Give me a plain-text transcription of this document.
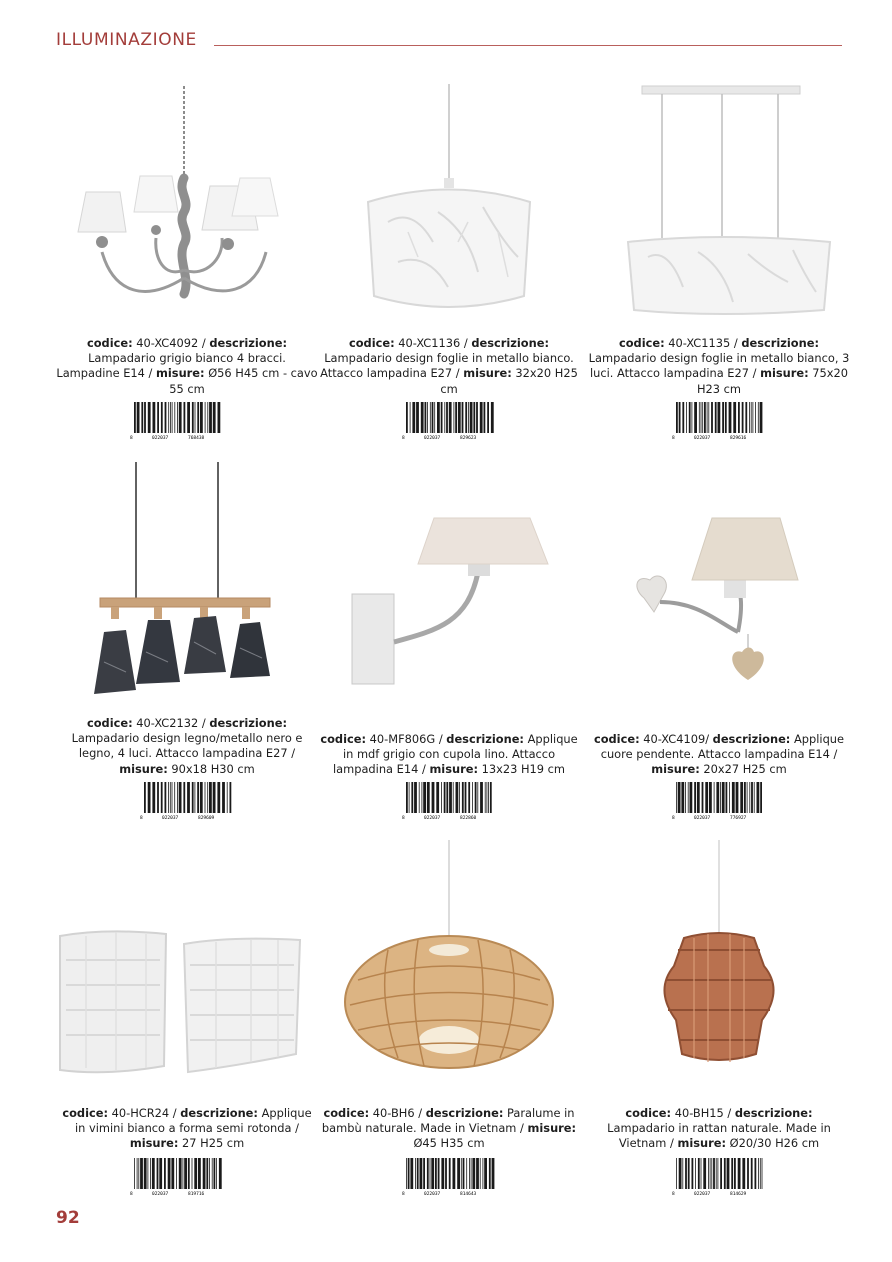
ILLUMINAZIONE
codice: 40-XC4092 / descrizione:
Lampadario grigio bianco 4 bracci. Lampadine E14 / misure: Ø56 H45 cm - cavo 55 cm
8	022037	768438
codice: 40-XC1136 / descrizione:
Lampadario design foglie in metallo bianco. Attacco lampadina E27 / misure: 32x20 H25 cm
8	022037	829623
codice: 40-XC1135 / descrizione:
Lampadario design foglie in metallo bianco, 3 luci. Attacco lampadina E27 / misure: 75x20 H23 cm
8	022037	829616
codice: 40-XC2132 / descrizione:
Lampadario design legno/metallo nero e legno, 4 luci. Attacco lampadina E27 / misure: 90x18 H30 cm
8	022037	829609
codice: 40-MF806G / descrizione: Applique in mdf grigio con cupola lino. Attacco lampadina E14 / misure: 13x23 H19 cm
8	022037	822860
codice: 40-XC4109/ descrizione: Applique cuore pendente. Attacco lampadina E14 / misure: 20x27 H25 cm
8	022037	776927
codice: 40-HCR24 / descrizione: Applique in vimini bianco a forma semi rotonda / misure: 27 H25 cm
8	022037	819716
codice: 40-BH6 / descrizione: Paralume in bambù naturale. Made in Vietnam / misure: Ø45 H35 cm
8	022037	814643
codice: 40-BH15 / descrizione:
Lampadario in rattan naturale. Made in Vietnam / misure: Ø20/30 H26 cm
8	022037	814629
92
